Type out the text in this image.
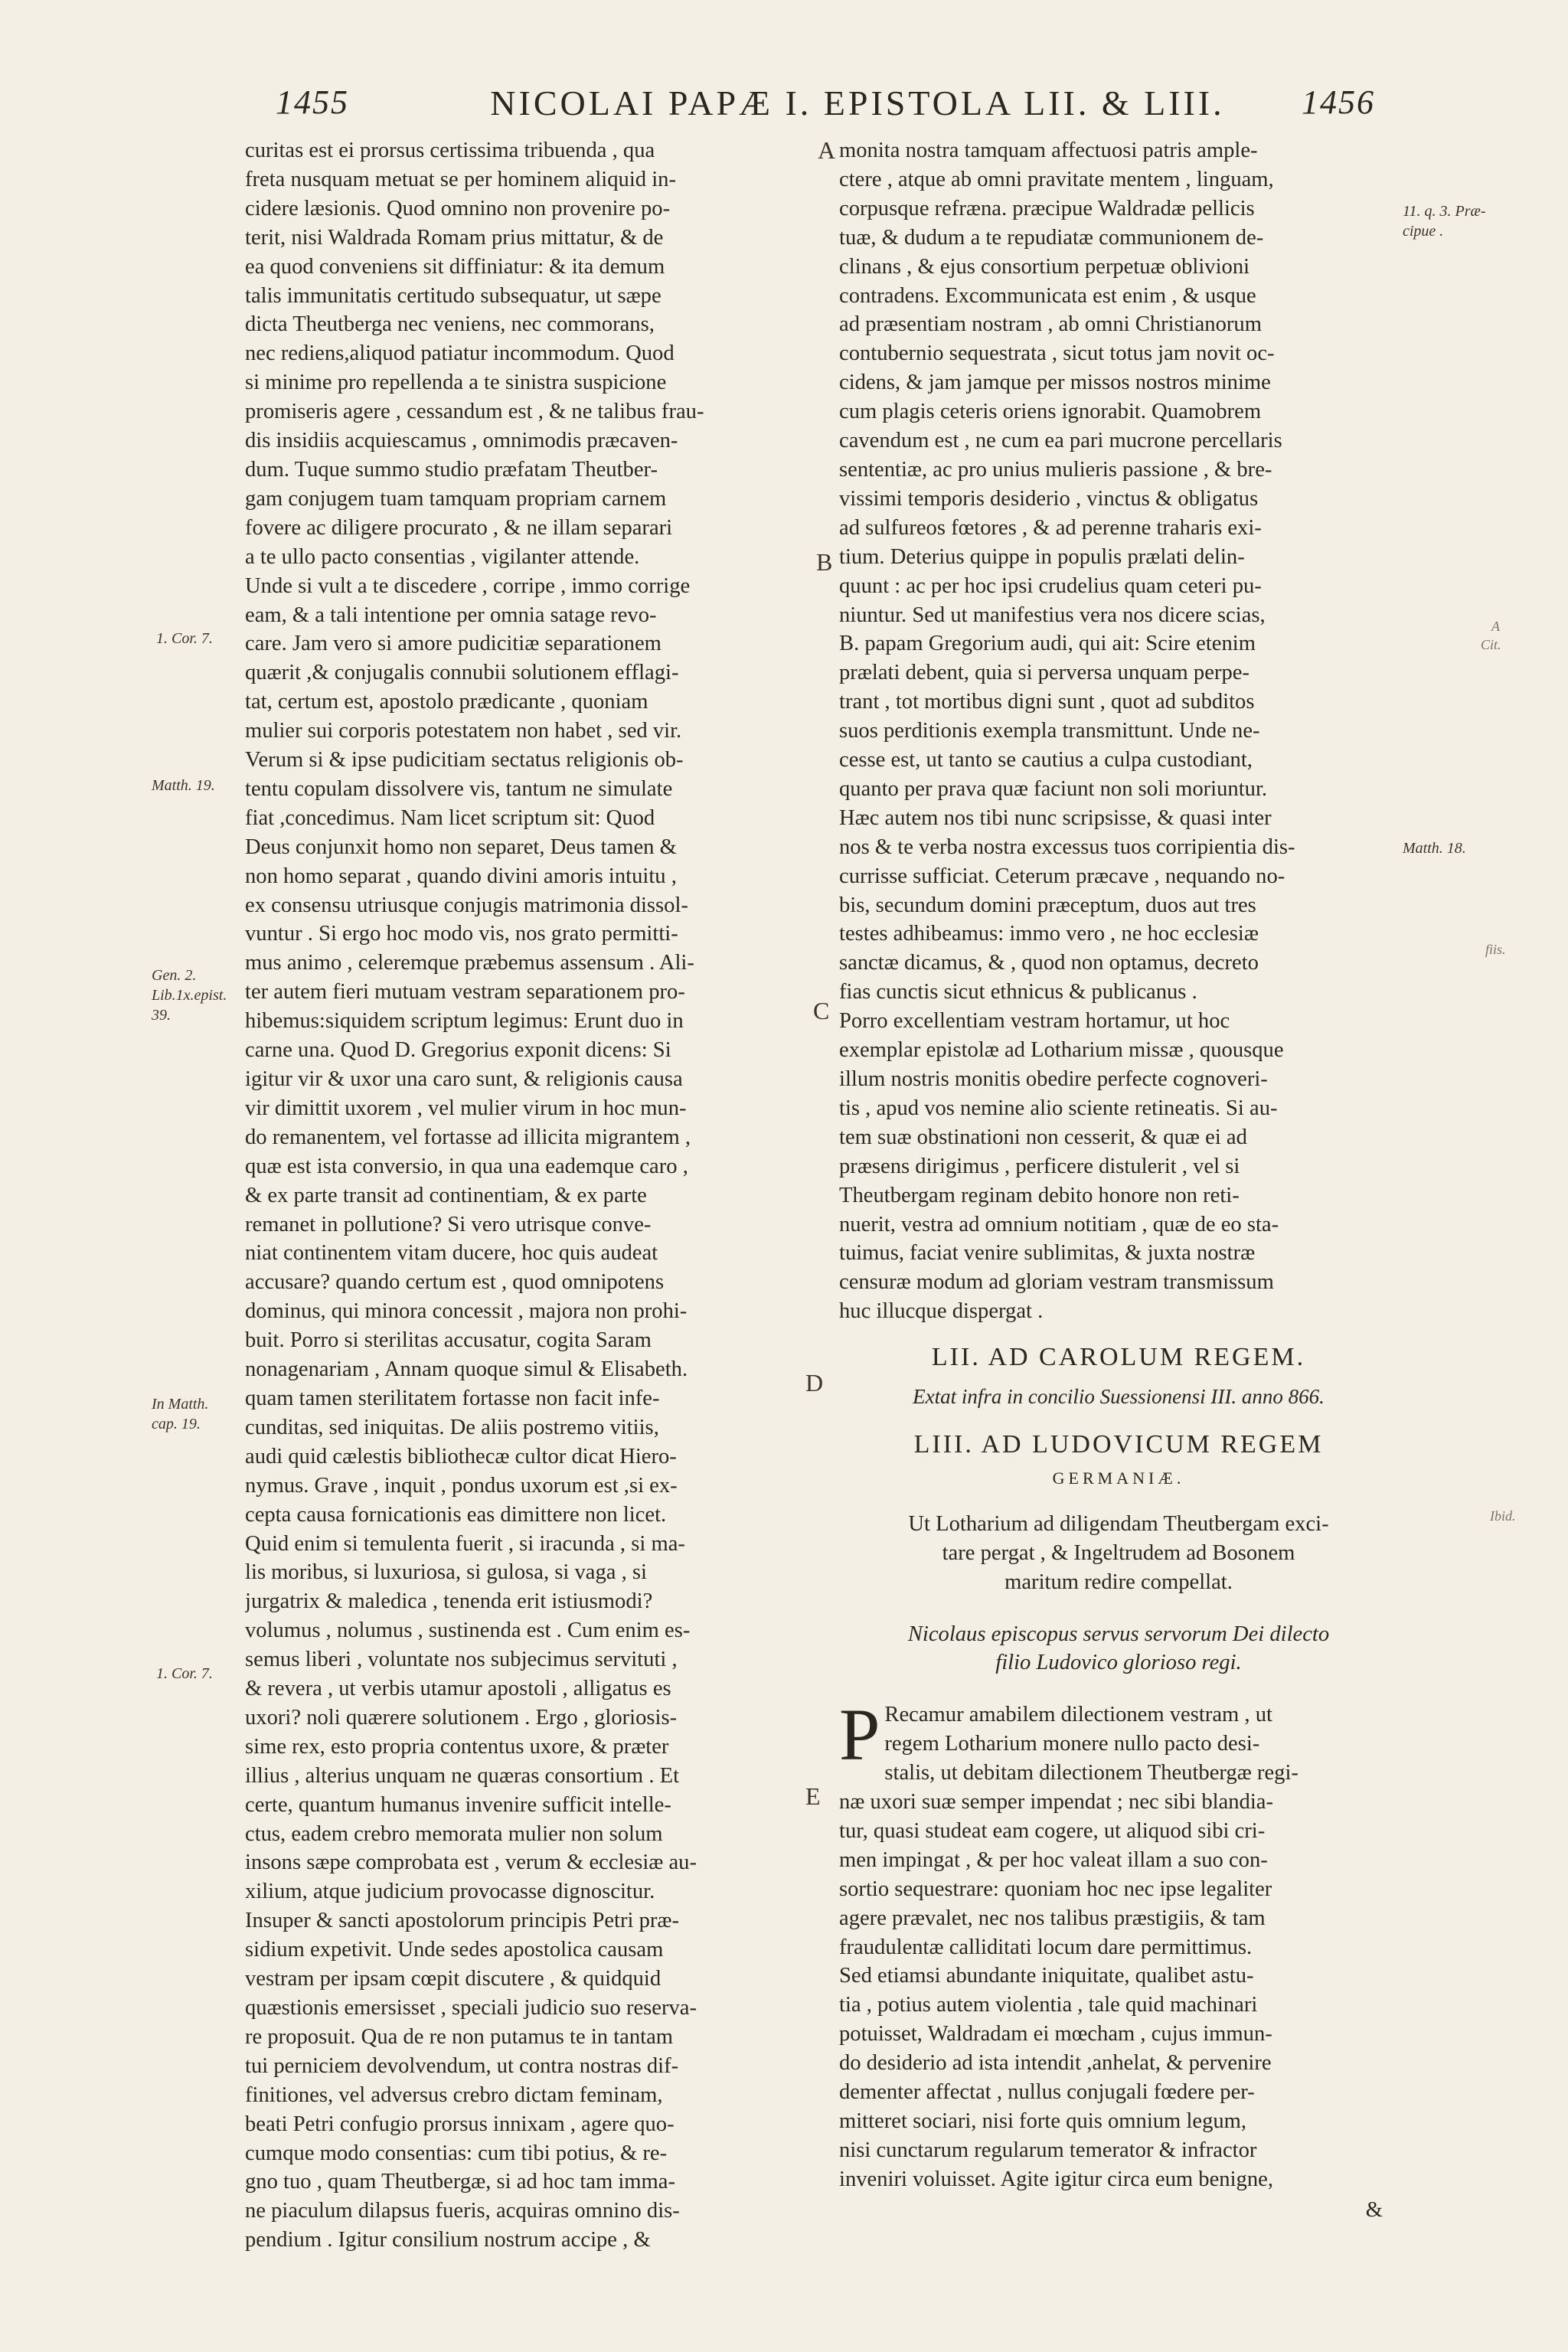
1455	NICOLAI PAPÆ I. EPISTOLA LII. & LIII.	1456
A
B
C
D
E
1. Cor. 7.
Matth. 19.
Gen. 2.
Lib.1x.epist.
39.
In Matth.
cap. 19.
1. Cor. 7.
11. q. 3. Præ-
cipue .
Matth. 18.
A
Cit.
fiis.
Ibid.
curitas est ei prorsus certissima tribuenda , qua
freta nusquam metuat se per hominem aliquid in-
cidere læsionis. Quod omnino non provenire po-
terit, nisi Waldrada Romam prius mittatur, & de
ea quod conveniens sit diffiniatur: & ita demum
talis immunitatis certitudo subsequatur, ut sæpe
dicta Theutberga nec veniens, nec commorans,
nec rediens,aliquod patiatur incommodum. Quod
si minime pro repellenda a te sinistra suspicione
promiseris agere , cessandum est , & ne talibus frau-
dis insidiis acquiescamus , omnimodis præcaven-
dum. Tuque summo studio præfatam Theutber-
gam conjugem tuam tamquam propriam carnem
fovere ac diligere procurato , & ne illam separari
a te ullo pacto consentias , vigilanter attende.
Unde si vult a te discedere , corripe , immo corrige
eam, & a tali intentione per omnia satage revo-
care. Jam vero si amore pudicitiæ separationem
quærit ,& conjugalis connubii solutionem efflagi-
tat, certum est, apostolo prædicante , quoniam
mulier sui corporis potestatem non habet , sed vir.
Verum si & ipse pudicitiam sectatus religionis ob-
tentu copulam dissolvere vis, tantum ne simulate
fiat ,concedimus. Nam licet scriptum sit: Quod
Deus conjunxit homo non separet, Deus tamen &
non homo separat , quando divini amoris intuitu ,
ex consensu utriusque conjugis matrimonia dissol-
vuntur . Si ergo hoc modo vis, nos grato permitti-
mus animo , celeremque præbemus assensum . Ali-
ter autem fieri mutuam vestram separationem pro-
hibemus:siquidem scriptum legimus: Erunt duo in
carne una. Quod D. Gregorius exponit dicens: Si
igitur vir & uxor una caro sunt, & religionis causa
vir dimittit uxorem , vel mulier virum in hoc mun-
do remanentem, vel fortasse ad illicita migrantem ,
quæ est ista conversio, in qua una eademque caro ,
& ex parte transit ad continentiam, & ex parte
remanet in pollutione? Si vero utrisque conve-
niat continentem vitam ducere, hoc quis audeat
accusare? quando certum est , quod omnipotens
dominus, qui minora concessit , majora non prohi-
buit. Porro si sterilitas accusatur, cogita Saram
nonagenariam , Annam quoque simul & Elisabeth.
quam tamen sterilitatem fortasse non facit infe-
cunditas, sed iniquitas. De aliis postremo vitiis,
audi quid cælestis bibliothecæ cultor dicat Hiero-
nymus. Grave , inquit , pondus uxorum est ,si ex-
cepta causa fornicationis eas dimittere non licet.
Quid enim si temulenta fuerit , si iracunda , si ma-
lis moribus, si luxuriosa, si gulosa, si vaga , si
jurgatrix & maledica , tenenda erit istiusmodi?
volumus , nolumus , sustinenda est . Cum enim es-
semus liberi , voluntate nos subjecimus servituti ,
& revera , ut verbis utamur apostoli , alligatus es
uxori? noli quærere solutionem . Ergo , gloriosis-
sime rex, esto propria contentus uxore, & præter
illius , alterius unquam ne quæras consortium . Et
certe, quantum humanus invenire sufficit intelle-
ctus, eadem crebro memorata mulier non solum
insons sæpe comprobata est , verum & ecclesiæ au-
xilium, atque judicium provocasse dignoscitur.
Insuper & sancti apostolorum principis Petri præ-
sidium expetivit. Unde sedes apostolica causam
vestram per ipsam cœpit discutere , & quidquid
quæstionis emersisset , speciali judicio suo reserva-
re proposuit. Qua de re non putamus te in tantam
tui perniciem devolvendum, ut contra nostras dif-
finitiones, vel adversus crebro dictam feminam,
beati Petri confugio prorsus innixam , agere quo-
cumque modo consentias: cum tibi potius, & re-
gno tuo , quam Theutbergæ, si ad hoc tam imma-
ne piaculum dilapsus fueris, acquiras omnino dis-
pendium . Igitur consilium nostrum accipe , &
monita nostra tamquam affectuosi patris ample-
ctere , atque ab omni pravitate mentem , linguam,
corpusque refræna. præcipue Waldradæ pellicis
tuæ, & dudum a te repudiatæ communionem de-
clinans , & ejus consortium perpetuæ oblivioni
contradens. Excommunicata est enim , & usque
ad præsentiam nostram , ab omni Christianorum
contubernio sequestrata , sicut totus jam novit oc-
cidens, & jam jamque per missos nostros minime
cum plagis ceteris oriens ignorabit. Quamobrem
cavendum est , ne cum ea pari mucrone percellaris
sententiæ, ac pro unius mulieris passione , & bre-
vissimi temporis desiderio , vinctus & obligatus
ad sulfureos fœtores , & ad perenne traharis exi-
tium. Deterius quippe in populis prælati delin-
quunt : ac per hoc ipsi crudelius quam ceteri pu-
niuntur. Sed ut manifestius vera nos dicere scias,
B. papam Gregorium audi, qui ait: Scire etenim
prælati debent, quia si perversa unquam perpe-
trant , tot mortibus digni sunt , quot ad subditos
suos perditionis exempla transmittunt. Unde ne-
cesse est, ut tanto se cautius a culpa custodiant,
quanto per prava quæ faciunt non soli moriuntur.
Hæc autem nos tibi nunc scripsisse, & quasi inter
nos & te verba nostra excessus tuos corripientia dis-
currisse sufficiat. Ceterum præcave , nequando no-
bis, secundum domini præceptum, duos aut tres
testes adhibeamus: immo vero , ne hoc ecclesiæ
sanctæ dicamus, & , quod non optamus, decreto
fias cunctis sicut ethnicus & publicanus .
Porro excellentiam vestram hortamur, ut hoc
exemplar epistolæ ad Lotharium missæ , quousque
illum nostris monitis obedire perfecte cognoveri-
tis , apud vos nemine alio sciente retineatis. Si au-
tem suæ obstinationi non cesserit, & quæ ei ad
præsens dirigimus , perficere distulerit , vel si
Theutbergam reginam debito honore non reti-
nuerit, vestra ad omnium notitiam , quæ de eo sta-
tuimus, faciat venire sublimitas, & juxta nostræ
censuræ modum ad gloriam vestram transmissum
huc illucque dispergat .
LII. AD CAROLUM REGEM.
Extat infra in concilio Suessionensi III. anno 866.
LIII. AD LUDOVICUM REGEM
GERMANIÆ.
Ut Lotharium ad diligendam Theutbergam exci-
tare pergat , & Ingeltrudem ad Bosonem
maritum redire compellat.
Nicolaus episcopus servus servorum Dei dilecto
filio Ludovico glorioso regi.
P Recamur amabilem dilectionem vestram , ut
regem Lotharium monere nullo pacto desi-
stalis, ut debitam dilectionem Theutbergæ regi-
næ uxori suæ semper impendat ; nec sibi blandia-
tur, quasi studeat eam cogere, ut aliquod sibi cri-
men impingat , & per hoc valeat illam a suo con-
sortio sequestrare: quoniam hoc nec ipse legaliter
agere prævalet, nec nos talibus præstigiis, & tam
fraudulentæ calliditati locum dare permittimus.
Sed etiamsi abundante iniquitate, qualibet astu-
tia , potius autem violentia , tale quid machinari
potuisset, Waldradam ei mœcham , cujus immun-
do desiderio ad ista intendit ,anhelat, & pervenire
dementer affectat , nullus conjugali fœdere per-
mitteret sociari, nisi forte quis omnium legum,
nisi cunctarum regularum temerator & infractor
inveniri voluisset. Agite igitur circa eum benigne,
&
